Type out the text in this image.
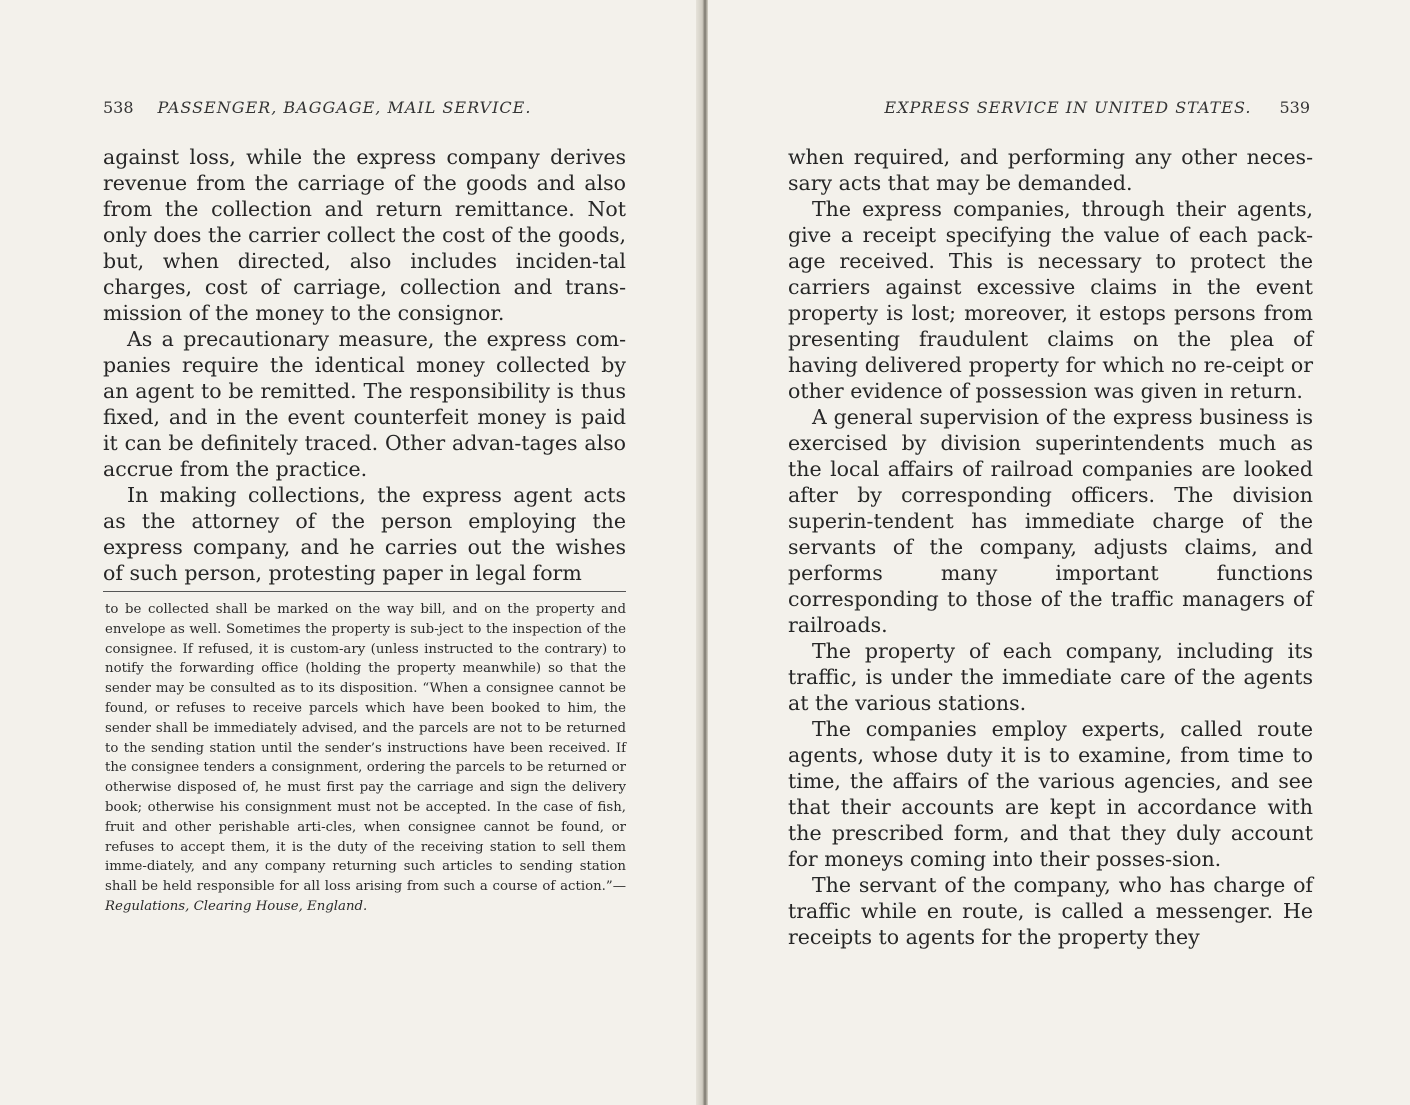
538 PASSENGER, BAGGAGE, MAIL SERVICE.

against loss, while the express company derives revenue from the carriage of the goods and also from the collection and return remittance. Not only does the carrier collect the cost of the goods, but, when directed, also includes inciden-tal charges, cost of carriage, collection and trans-mission of the money to the consignor.

As a precautionary measure, the express com-panies require the identical money collected by an agent to be remitted. The responsibility is thus fixed, and in the event counterfeit money is paid it can be definitely traced. Other advan-tages also accrue from the practice.

In making collections, the express agent acts as the attorney of the person employing the express company, and he carries out the wishes of such person, protesting paper in legal form

to be collected shall be marked on the way bill, and on the property and envelope as well. Sometimes the property is sub-ject to the inspection of the consignee. If refused, it is custom-ary (unless instructed to the contrary) to notify the forwarding office (holding the property meanwhile) so that the sender may be consulted as to its disposition. “When a consignee cannot be found, or refuses to receive parcels which have been booked to him, the sender shall be immediately advised, and the parcels are not to be returned to the sending station until the sender’s instructions have been received. If the consignee tenders a consignment, ordering the parcels to be returned or otherwise disposed of, he must first pay the carriage and sign the delivery book; otherwise his consignment must not be accepted. In the case of fish, fruit and other perishable arti-cles, when consignee cannot be found, or refuses to accept them, it is the duty of the receiving station to sell them imme-diately, and any company returning such articles to sending station shall be held responsible for all loss arising from such a course of action.”—Regulations, Clearing House, England.
EXPRESS SERVICE IN UNITED STATES. 539

when required, and performing any other neces-sary acts that may be demanded.

The express companies, through their agents, give a receipt specifying the value of each pack-age received. This is necessary to protect the carriers against excessive claims in the event property is lost; moreover, it estops persons from presenting fraudulent claims on the plea of having delivered property for which no re-ceipt or other evidence of possession was given in return.

A general supervision of the express business is exercised by division superintendents much as the local affairs of railroad companies are looked after by corresponding officers. The division superin-tendent has immediate charge of the servants of the company, adjusts claims, and performs many important functions corresponding to those of the traffic managers of railroads.

The property of each company, including its traffic, is under the immediate care of the agents at the various stations.

The companies employ experts, called route agents, whose duty it is to examine, from time to time, the affairs of the various agencies, and see that their accounts are kept in accordance with the prescribed form, and that they duly account for moneys coming into their posses-sion.

The servant of the company, who has charge of traffic while en route, is called a messenger. He receipts to agents for the property they
